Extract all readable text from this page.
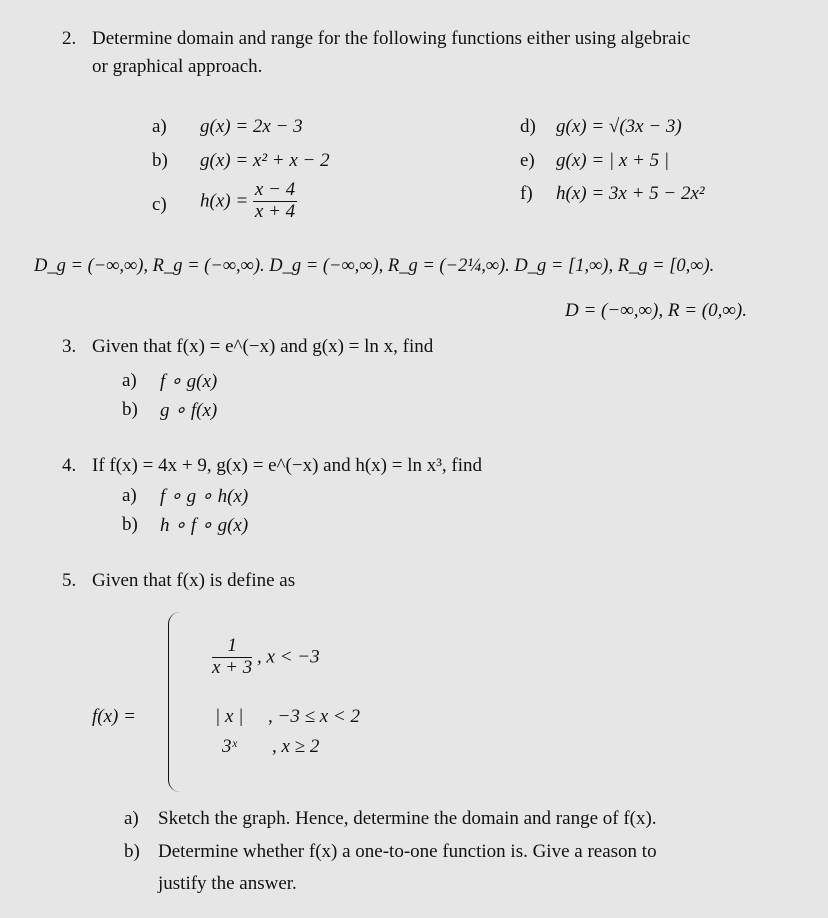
2. Determine domain and range for the following functions either using algebraic
or graphical approach.
a) g(x) = 2x − 3
b) g(x) = x² + x − 2
c) $h(x) = \frac{x - 4}{x + 4}$
d) g(x) = √(3x − 3)
e) g(x) = | x + 5 |
f) h(x) = 3x + 5 − 2x²
D_g = (−∞,∞), R_g = (−∞,∞). D_g = (−∞,∞), R_g = (−2¼,∞). D_g = [1,∞), R_g = [0,∞).
D = (−∞,∞), R = (0,∞).
3. Given that f(x) = e^(−x) and g(x) = ln x, find
a) f ∘ g(x)
b) g ∘ f(x)
4. If f(x) = 4x + 9, g(x) = e^(−x) and h(x) = ln x³, find
a) f ∘ g ∘ h(x)
b) h ∘ f ∘ g(x)
5. Given that f(x) is define as
f(x) =
$\frac{1}{x + 3}$ , x < −3
| x | , −3 ≤ x < 2
3ˣ , x ≥ 2
a) Sketch the graph. Hence, determine the domain and range of f(x).
b) Determine whether f(x) a one-to-one function is. Give a reason to
justify the answer.
